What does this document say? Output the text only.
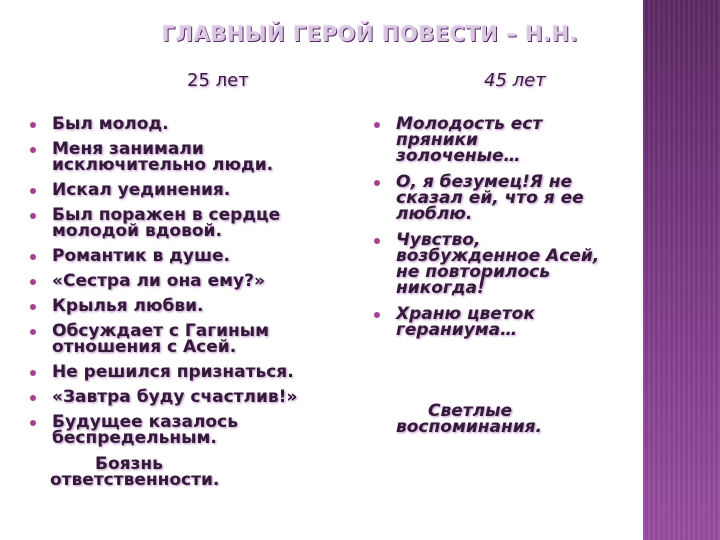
ГЛАВНЫЙ ГЕРОЙ ПОВЕСТИ – Н.Н.

25 лет	45 лет

Был молод.
Меня занимали исключительно люди.
Искал уединения.
Был поражен в сердце молодой вдовой.
Романтик в душе.
«Сестра ли она ему?»
Крылья любви.
Обсуждает с Гагиным отношения с Асей.
Не решился признаться.
«Завтра буду счастлив!»
Будущее казалось беспредельным.

Боязнь
ответственности.

Молодость ест пряники золоченые…
О, я безумец!Я не сказал ей, что я ее люблю.
Чувство, возбужденное Асей, не повторилось никогда!
Храню цветок гераниума…

Светлые
воспоминания.
